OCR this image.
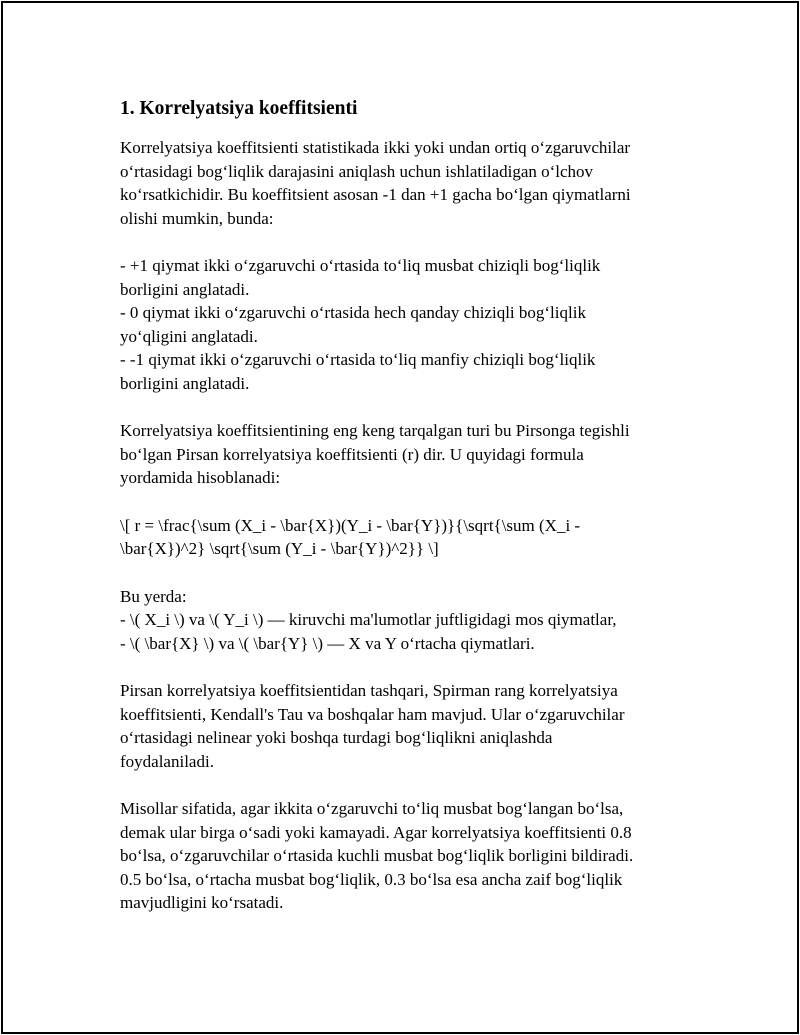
1. Korrelyatsiya koeffitsienti
Korrelyatsiya koeffitsienti statistikada ikki yoki undan ortiq o‘zgaruvchilar
o‘rtasidagi bog‘liqlik darajasini aniqlash uchun ishlatiladigan o‘lchov
ko‘rsatkichidir. Bu koeffitsient asosan -1 dan +1 gacha bo‘lgan qiymatlarni
olishi mumkin, bunda:
- +1 qiymat ikki o‘zgaruvchi o‘rtasida to‘liq musbat chiziqli bog‘liqlik
borligini anglatadi.
- 0 qiymat ikki o‘zgaruvchi o‘rtasida hech qanday chiziqli bog‘liqlik
yo‘qligini anglatadi.
- -1 qiymat ikki o‘zgaruvchi o‘rtasida to‘liq manfiy chiziqli bog‘liqlik
borligini anglatadi.
Korrelyatsiya koeffitsientining eng keng tarqalgan turi bu Pirsonga tegishli
bo‘lgan Pirsan korrelyatsiya koeffitsienti (r) dir. U quyidagi formula
yordamida hisoblanadi:
\[ r = \frac{\sum (X_i - \bar{X})(Y_i - \bar{Y})}{\sqrt{\sum (X_i -
\bar{X})^2} \sqrt{\sum (Y_i - \bar{Y})^2}} \]
Bu yerda:
- \( X_i \) va \( Y_i \) — kiruvchi ma'lumotlar juftligidagi mos qiymatlar,
- \( \bar{X} \) va \( \bar{Y} \) — X va Y o‘rtacha qiymatlari.
Pirsan korrelyatsiya koeffitsientidan tashqari, Spirman rang korrelyatsiya
koeffitsienti, Kendall's Tau va boshqalar ham mavjud. Ular o‘zgaruvchilar
o‘rtasidagi nelinear yoki boshqa turdagi bog‘liqlikni aniqlashda
foydalaniladi.
Misollar sifatida, agar ikkita o‘zgaruvchi to‘liq musbat bog‘langan bo‘lsa,
demak ular birga o‘sadi yoki kamayadi. Agar korrelyatsiya koeffitsienti 0.8
bo‘lsa, o‘zgaruvchilar o‘rtasida kuchli musbat bog‘liqlik borligini bildiradi.
0.5 bo‘lsa, o‘rtacha musbat bog‘liqlik, 0.3 bo‘lsa esa ancha zaif bog‘liqlik
mavjudligini ko‘rsatadi.
